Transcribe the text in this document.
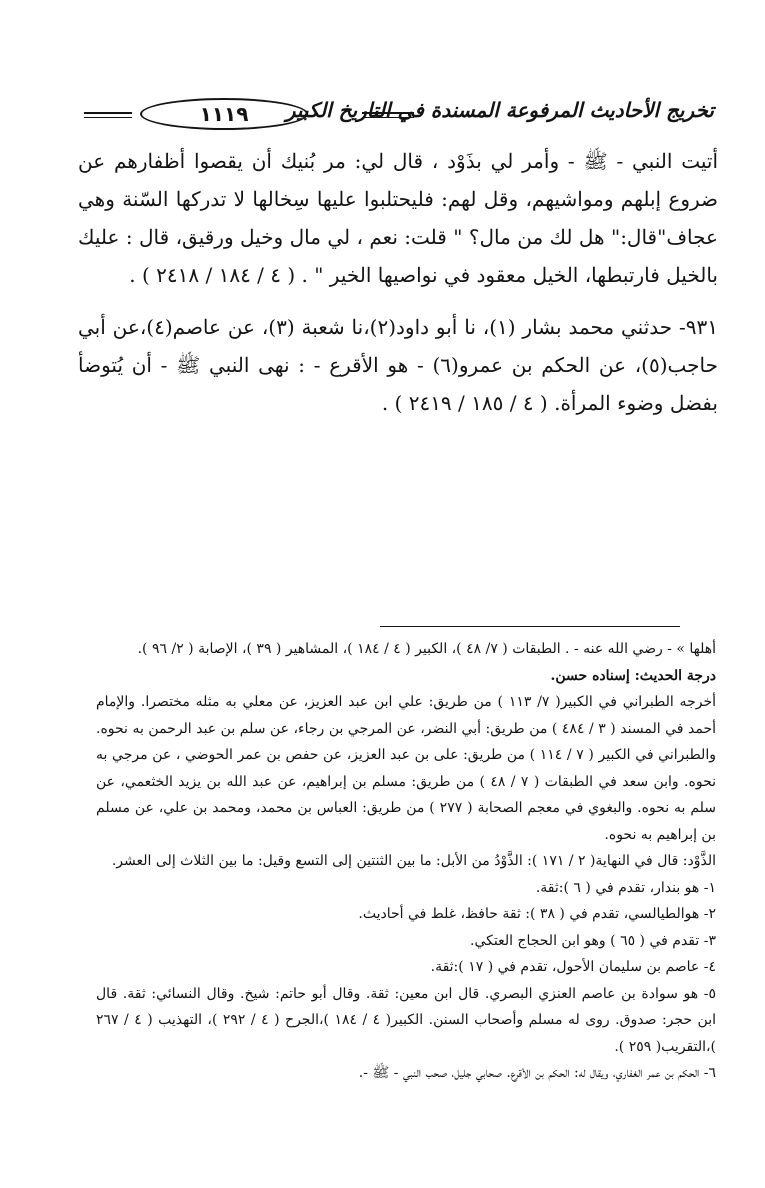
تخريج الأحاديث المرفوعة المسندة في التاريخ الكبير
١١١٩

أتيت النبي - ﷺ - وأمر لي بذَوْد ، قال لي: مر بُنيك أن يقصوا أظفارهم عن ضروع إبلهم ومواشيهم، وقل لهم: فليحتلبوا عليها سِخالها لا تدركها السّنة وهي عجاف"قال:" هل لك من مال؟ " قلت: نعم ، لي مال وخيل ورقيق، قال : عليك بالخيل فارتبطها، الخيل معقود في نواصيها الخير " . ( ٤ / ١٨٤ / ٢٤١٨ ) .

٩٣١- حدثني محمد بشار (١)، نا أبو داود(٢)،نا شعبة (٣)، عن عاصم(٤)،عن أبي حاجب(٥)، عن الحكم بن عمرو(٦) - هو الأقرع - : نهى النبي ﷺ - أن يُتوضأ بفضل وضوء المرأة. ( ٤ / ١٨٥ / ٢٤١٩ ) .

أهلها » - رضي الله عنه - . الطبقات ( ٧/ ٤٨ )، الكبير ( ٤ / ١٨٤ )، المشاهير ( ٣٩ )، الإصابة ( ٢/ ٩٦ ).

درجة الحديث: إسناده حسن.

أخرجه الطبراني في الكبير( ٧/ ١١٣ ) من طريق: علي ابن عبد العزيز، عن معلي به مثله مختصرا. والإمام أحمد في المسند ( ٣ / ٤٨٤ ) من طريق: أبي النضر، عن المرجي بن رجاء، عن سلم بن عبد الرحمن به نحوه. والطبراني في الكبير ( ٧ / ١١٤ ) من طريق: على بن عبد العزيز، عن حفص بن عمر الحوضي ، عن مرجي به نحوه. وابن سعد في الطبقات ( ٧ / ٤٨ ) من طريق: مسلم بن إبراهيم، عن عبد الله بن يزيد الخثعمي، عن سلم به نحوه. والبغوي في معجم الصحابة ( ٢٧٧ ) من طريق: العباس بن محمد، ومحمد بن علي، عن مسلم بن إبراهيم به نحوه.

الذَّوْد: قال في النهاية( ٢ / ١٧١ ): الذَّوْدُ من الأبل: ما بين الثنتين إلى التسع وقيل: ما بين الثلاث إلى العشر.

١- هو بندار، تقدم في ( ٦ ):ثقة.
٢- هوالطيالسي، تقدم في ( ٣٨ ): ثقة حافظ، غلط في أحاديث.
٣- تقدم في ( ٦٥ ) وهو ابن الحجاج العتكي.
٤- عاصم بن سليمان الأحول، تقدم في ( ١٧ ):ثقة.
٥- هو سوادة بن عاصم العنزي البصري. قال ابن معين: ثقة. وقال أبو حاتم: شيخ. وقال النسائي: ثقة. قال ابن حجر: صدوق. روى له مسلم وأصحاب السنن. الكبير( ٤ / ١٨٤ )،الجرح ( ٤ / ٢٩٢ )، التهذيب ( ٤ / ٢٦٧ )،التقريب( ٢٥٩ ).
٦- الحكم بن عمر الغفاري، ويقال له: الحكم بن الأقرع. صحابي جليل، صحب النبي - ﷺ -.
